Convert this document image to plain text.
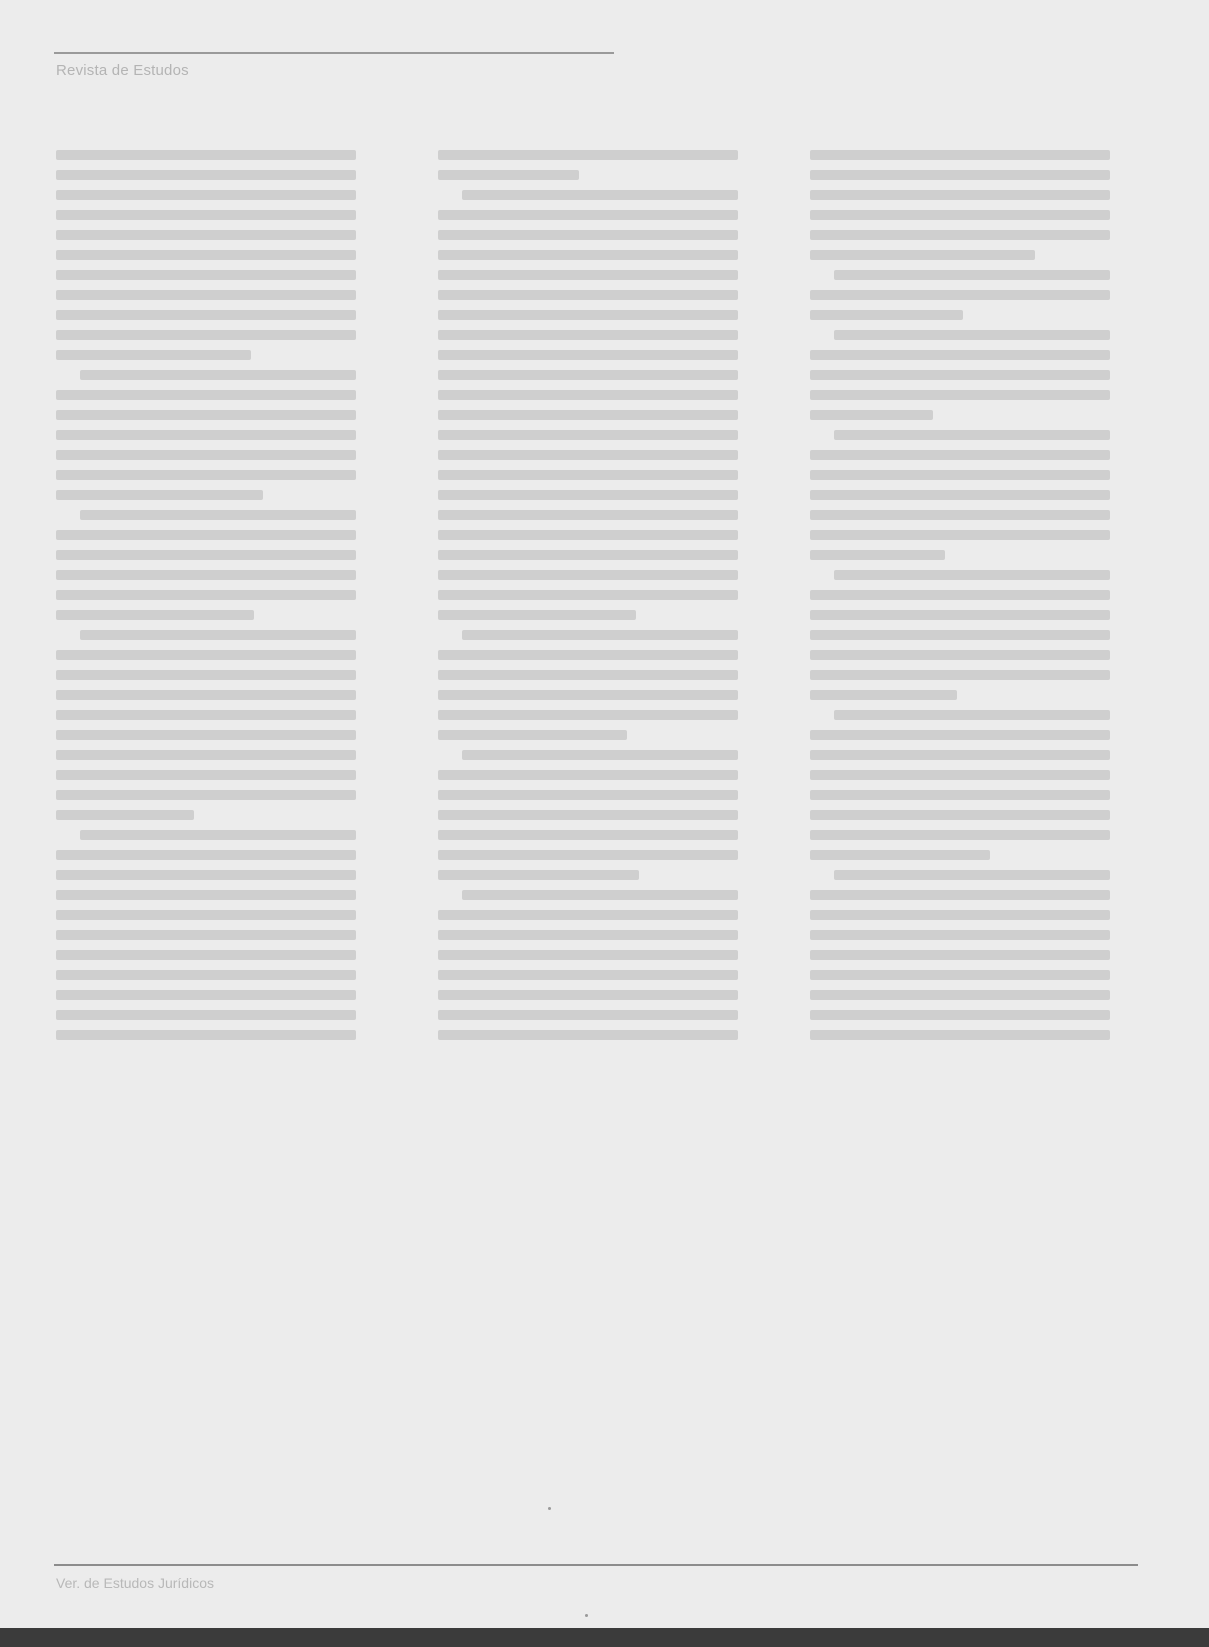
Revista de Estudos
Ver. de Estudos Jurídicos
